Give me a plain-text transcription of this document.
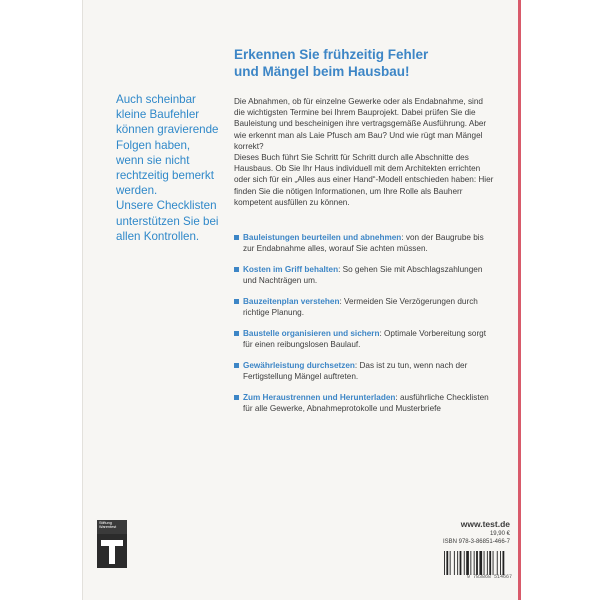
Erkennen Sie frühzeitig Fehler
und Mängel beim Hausbau!

Auch scheinbar kleine Baufehler können gravierende Folgen haben, wenn sie nicht rechtzeitig bemerkt werden.

Unsere Checklisten unterstützen Sie bei allen Kontrollen.

Die Abnahmen, ob für einzelne Gewerke oder als Endabnahme, sind die wichtigsten Termine bei Ihrem Bauprojekt. Dabei prüfen Sie die Bauleistung und bescheinigen ihre vertragsgemäße Ausführung. Aber wie erkennt man als Laie Pfusch am Bau? Und wie rügt man Mängel korrekt?

Dieses Buch führt Sie Schritt für Schritt durch alle Abschnitte des Hausbaus. Ob Sie Ihr Haus individuell mit dem Architekten errichten oder sich für ein „Alles aus einer Hand“-Modell entschieden haben: Hier finden Sie die nötigen Informationen, um Ihre Rolle als Bauherr kompetent ausfüllen zu können.

Bauleistungen beurteilen und abnehmen: von der Baugrube bis zur Endabnahme alles, worauf Sie achten müssen.
Kosten im Griff behalten: So gehen Sie mit Abschlagszahlungen und Nachträgen um.
Bauzeitenplan verstehen: Vermeiden Sie Verzögerungen durch richtige Planung.
Baustelle organisieren und sichern: Optimale Vorbereitung sorgt für einen reibungslosen Baulauf.
Gewährleistung durchsetzen: Das ist zu tun, wenn nach der Fertigstellung Mängel auftreten.
Zum Heraustrennen und Herunterladen: ausführliche Checklisten für alle Gewerke, Abnahmeprotokolle und Musterbriefe
Stiftung
Warentest	www.test.de
19,90 €
ISBN 978-3-86851-466-7
9 783868 514667
